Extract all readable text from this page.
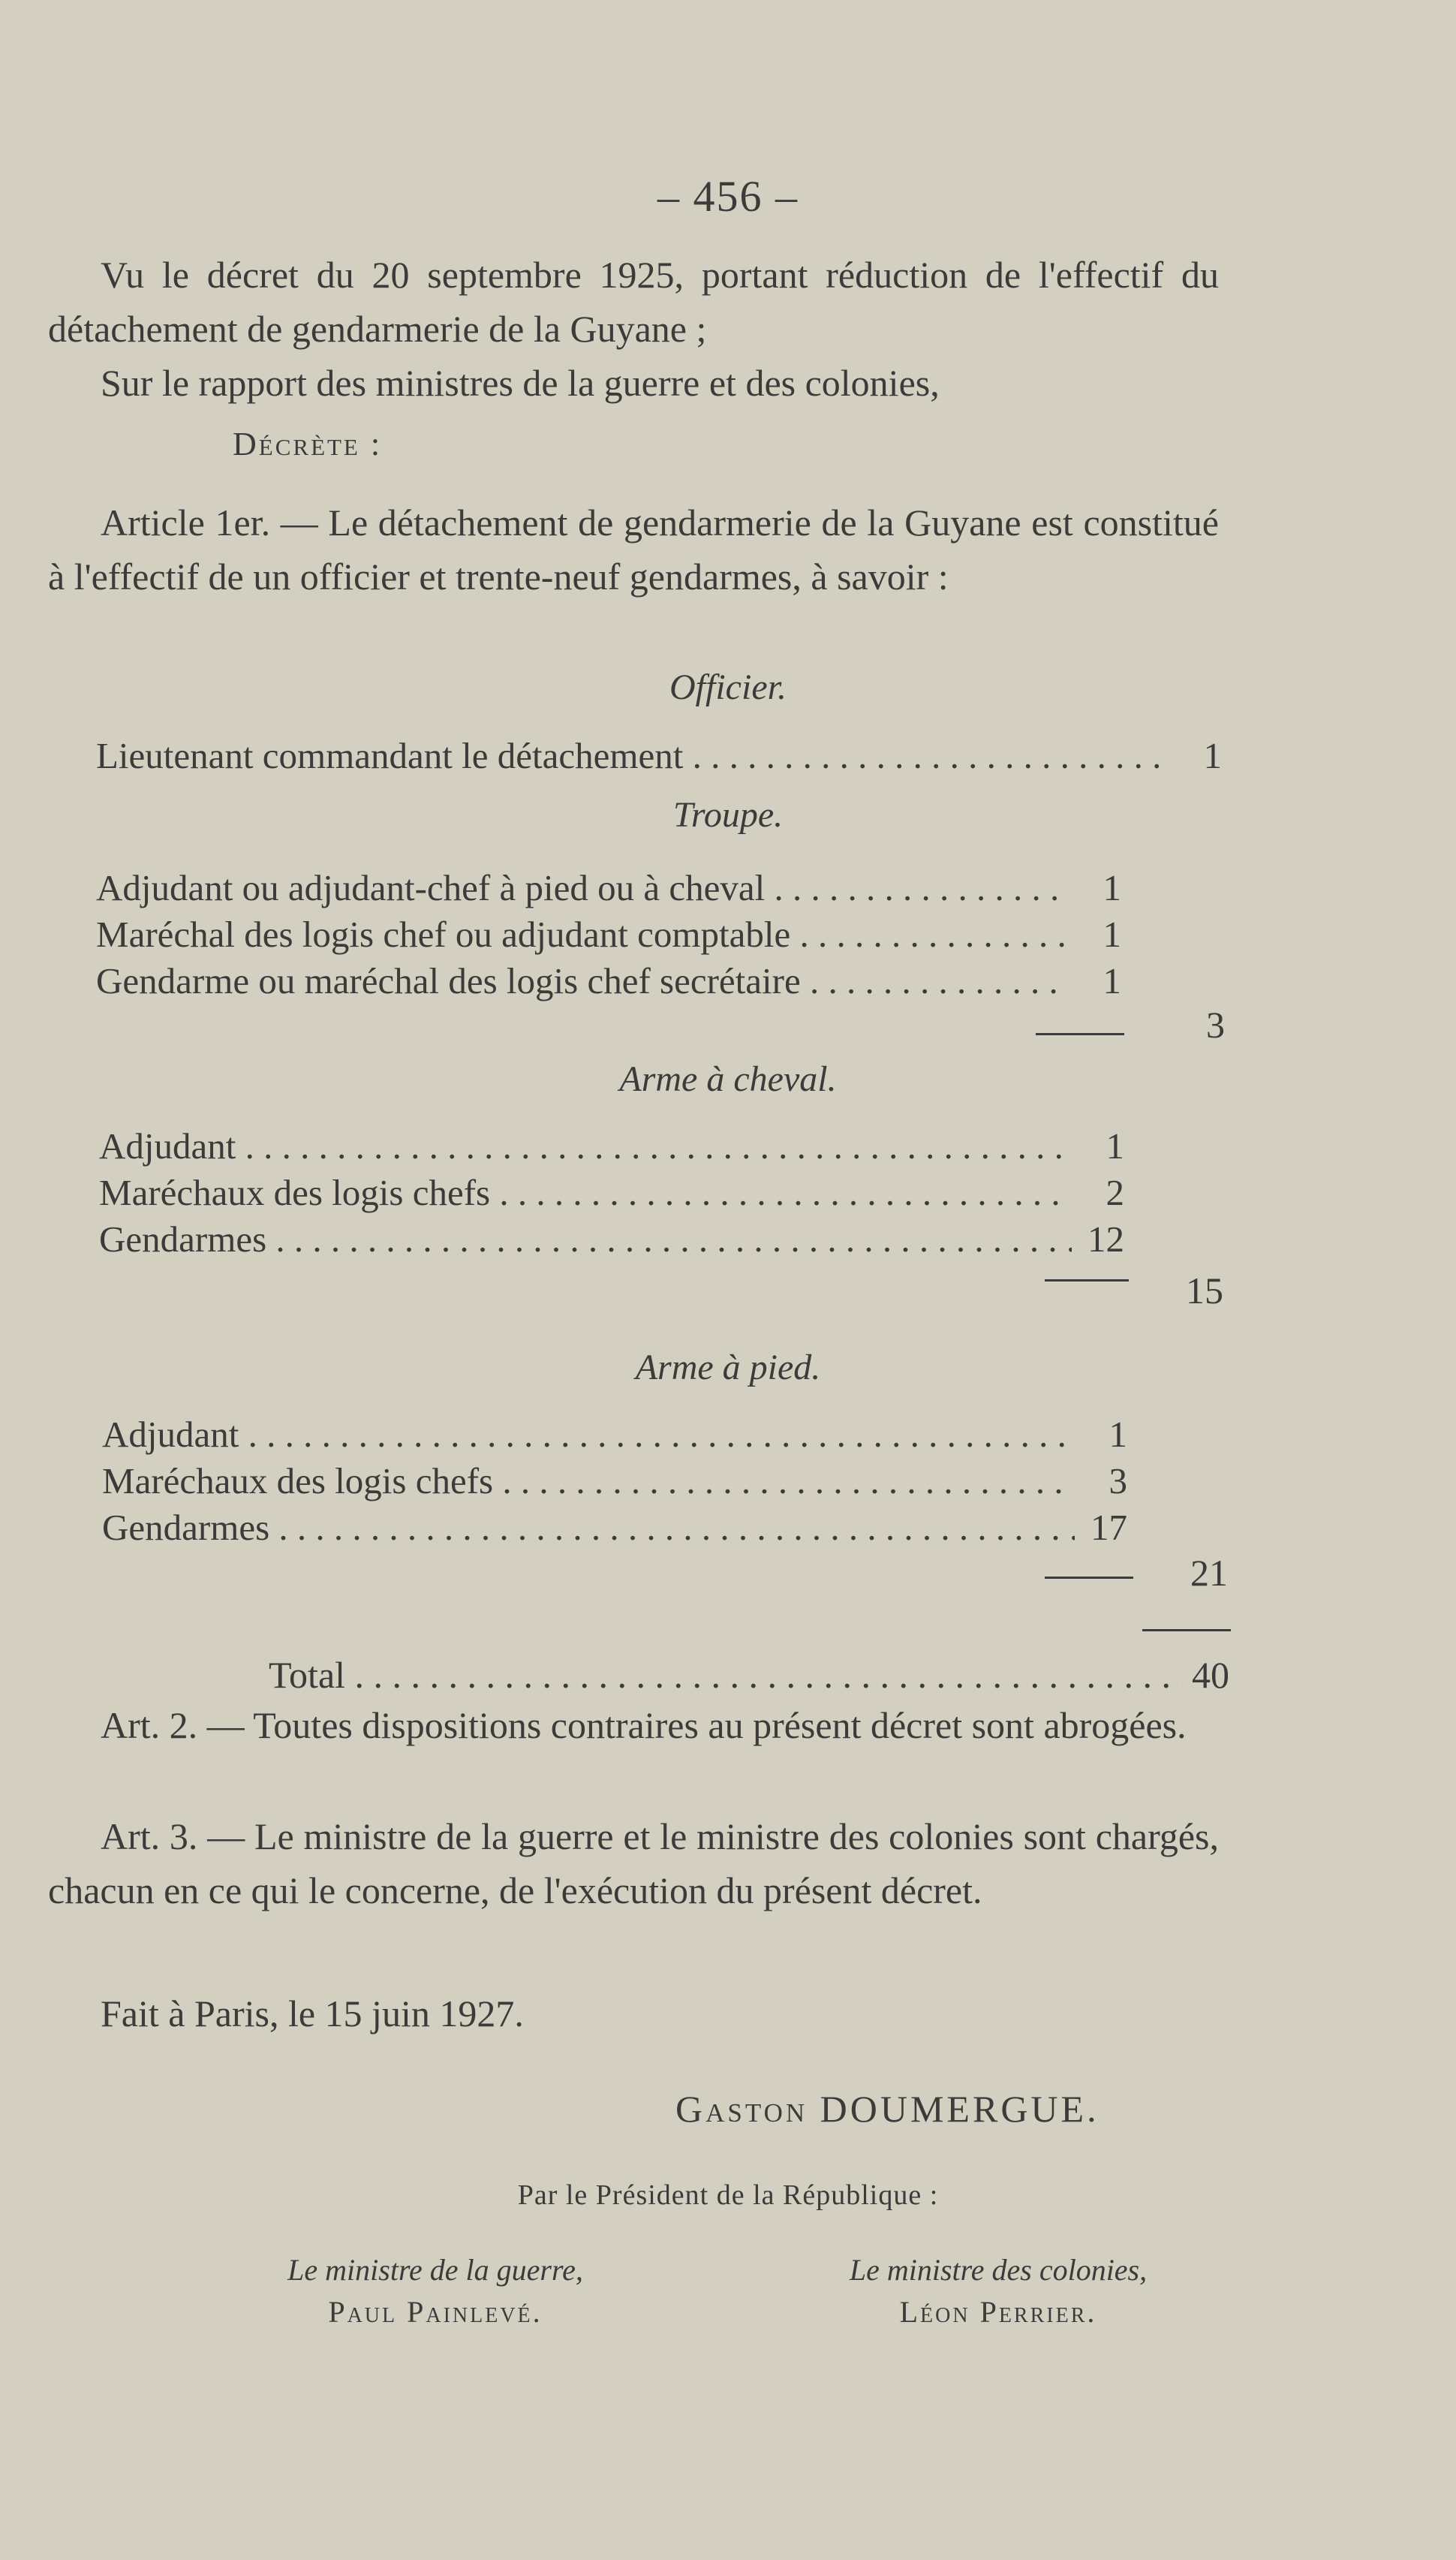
– 456 –
Vu le décret du 20 septembre 1925, portant réduction de l'effectif du détachement de gendarmerie de la Guyane ;
Sur le rapport des ministres de la guerre et des colonies,
Décrète :
Article 1er. — Le détachement de gendarmerie de la Guyane est constitué à l'effectif de un officier et trente-neuf gendarmes, à savoir :
Officier.
Lieutenant commandant le détachement . . .	1
Troupe.
Adjudant ou adjudant-chef à pied ou à cheval . . .	1
Maréchal des logis chef ou adjudant comptable . . .	1
Gendarme ou maréchal des logis chef secrétaire . . .	1
3
Arme à cheval.
Adjudant . . .	1
Maréchaux des logis chefs . . .	2
Gendarmes . . .	12
15
Arme à pied.
Adjudant . . .	1
Maréchaux des logis chefs . . .	3
Gendarmes . . .	17
21
Total . . .	40
Art. 2. — Toutes dispositions contraires au présent décret sont abrogées.
Art. 3. — Le ministre de la guerre et le ministre des colonies sont chargés, chacun en ce qui le concerne, de l'exécution du présent décret.
Fait à Paris, le 15 juin 1927.
Gaston DOUMERGUE.
Par le Président de la République :
Le ministre de la guerre,
Paul Painlevé.
Le ministre des colonies,
Léon Perrier.
